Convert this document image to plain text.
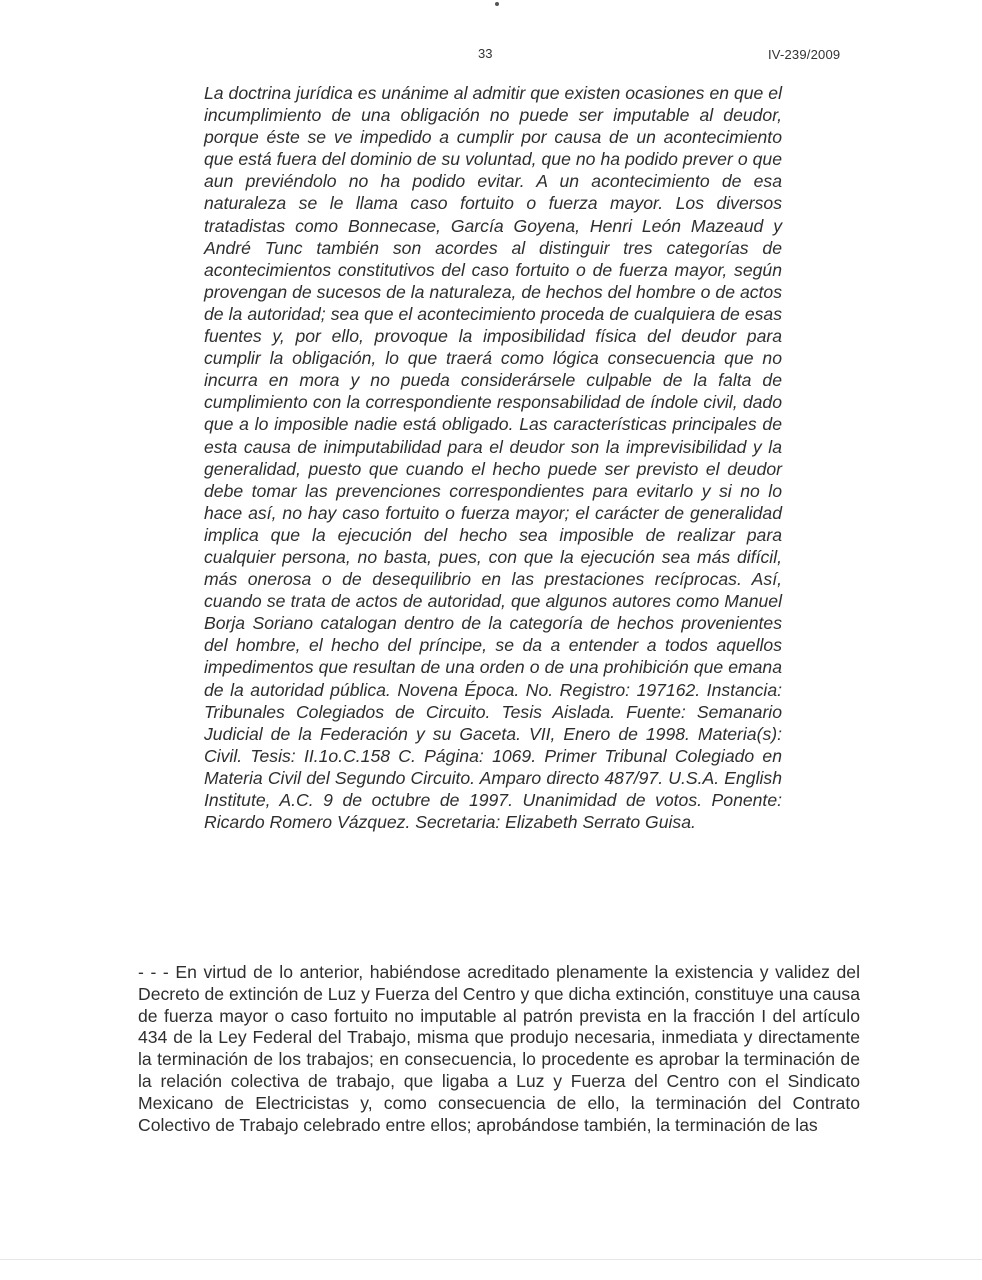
33	IV-239/2009
La doctrina jurídica es unánime al admitir que existen ocasiones en que el incumplimiento de una obligación no puede ser imputable al deudor, porque éste se ve impedido a cumplir por causa de un acontecimiento que está fuera del dominio de su voluntad, que no ha podido prever o que aun previéndolo no ha podido evitar. A un acontecimiento de esa naturaleza se le llama caso fortuito o fuerza mayor. Los diversos tratadistas como Bonnecase, García Goyena, Henri León Mazeaud y André Tunc también son acordes al distinguir tres categorías de acontecimientos constitutivos del caso fortuito o de fuerza mayor, según provengan de sucesos de la naturaleza, de hechos del hombre o de actos de la autoridad; sea que el acontecimiento proceda de cualquiera de esas fuentes y, por ello, provoque la imposibilidad física del deudor para cumplir la obligación, lo que traerá como lógica consecuencia que no incurra en mora y no pueda considerársele culpable de la falta de cumplimiento con la correspondiente responsabilidad de índole civil, dado que a lo imposible nadie está obligado. Las características principales de esta causa de inimputabilidad para el deudor son la imprevisibilidad y la generalidad, puesto que cuando el hecho puede ser previsto el deudor debe tomar las prevenciones correspondientes para evitarlo y si no lo hace así, no hay caso fortuito o fuerza mayor; el carácter de generalidad implica que la ejecución del hecho sea imposible de realizar para cualquier persona, no basta, pues, con que la ejecución sea más difícil, más onerosa o de desequilibrio en las prestaciones recíprocas. Así, cuando se trata de actos de autoridad, que algunos autores como Manuel Borja Soriano catalogan dentro de la categoría de hechos provenientes del hombre, el hecho del príncipe, se da a entender a todos aquellos impedimentos que resultan de una orden o de una prohibición que emana de la autoridad pública. Novena Época. No. Registro: 197162. Instancia: Tribunales Colegiados de Circuito. Tesis Aislada. Fuente: Semanario Judicial de la Federación y su Gaceta. VII, Enero de 1998. Materia(s): Civil. Tesis: II.1o.C.158 C. Página: 1069. Primer Tribunal Colegiado en Materia Civil del Segundo Circuito. Amparo directo 487/97. U.S.A. English Institute, A.C. 9 de octubre de 1997. Unanimidad de votos. Ponente: Ricardo Romero Vázquez. Secretaria: Elizabeth Serrato Guisa.
- - - En virtud de lo anterior, habiéndose acreditado plenamente la existencia y validez del Decreto de extinción de Luz y Fuerza del Centro y que dicha extinción, constituye una causa de fuerza mayor o caso fortuito no imputable al patrón prevista en la fracción I del artículo 434 de la Ley Federal del Trabajo, misma que produjo necesaria, inmediata y directamente la terminación de los trabajos; en consecuencia, lo procedente es aprobar la terminación de la relación colectiva de trabajo, que ligaba a Luz y Fuerza del Centro con el Sindicato Mexicano de Electricistas y, como consecuencia de ello, la terminación del Contrato Colectivo de Trabajo celebrado entre ellos; aprobándose también, la terminación de las
